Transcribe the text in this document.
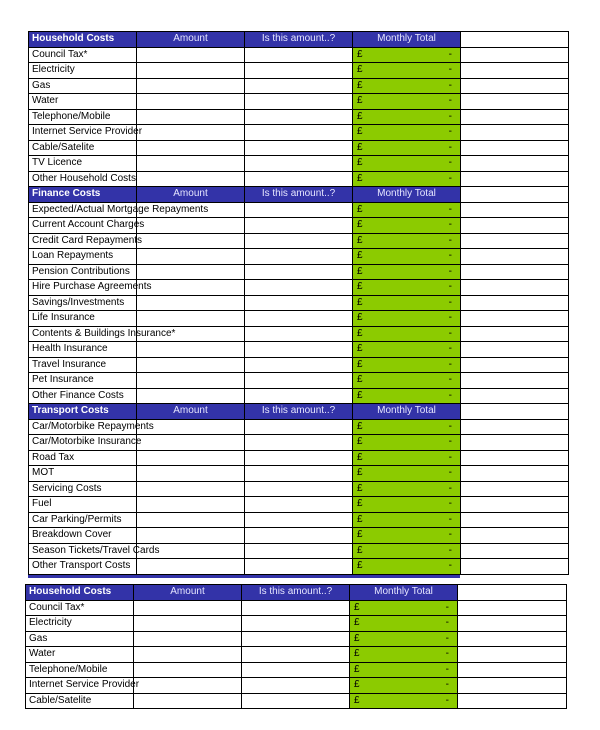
Household Costs	Amount	Is this amount..?	Monthly Total	
Council Tax*			£ -	

Electricity			£ -	

Gas			£ -	

Water			£ -	

Telephone/Mobile			£ -	

Internet Service Provider			£ -	

Cable/Satelite			£ -	

TV Licence			£ -	

Other Household Costs			£ -	

Finance Costs	Amount	Is this amount..?	Monthly Total	
Expected/Actual Mortgage Repayments			£ -	

Current Account Charges			£ -	

Credit Card Repayments			£ -	

Loan Repayments			£ -	

Pension Contributions			£ -	

Hire Purchase Agreements			£ -	

Savings/Investments			£ -	

Life Insurance			£ -	

Contents & Buildings Insurance*			£ -	

Health Insurance			£ -	

Travel Insurance			£ -	

Pet Insurance			£ -	

Other Finance Costs			£ -	

Transport Costs	Amount	Is this amount..?	Monthly Total	
Car/Motorbike Repayments			£ -	

Car/Motorbike Insurance			£ -	

Road Tax			£ -	

MOT			£ -	

Servicing Costs			£ -	

Fuel			£ -	

Car Parking/Permits			£ -	

Breakdown Cover			£ -	

Season Tickets/Travel Cards			£ -	

Other Transport Costs			£ -	

Household Costs	Amount	Is this amount..?	Monthly Total	
Council Tax*			£ -	

Electricity			£ -	

Gas			£ -	

Water			£ -	

Telephone/Mobile			£ -	

Internet Service Provider			£ -	

Cable/Satelite			£ -	
